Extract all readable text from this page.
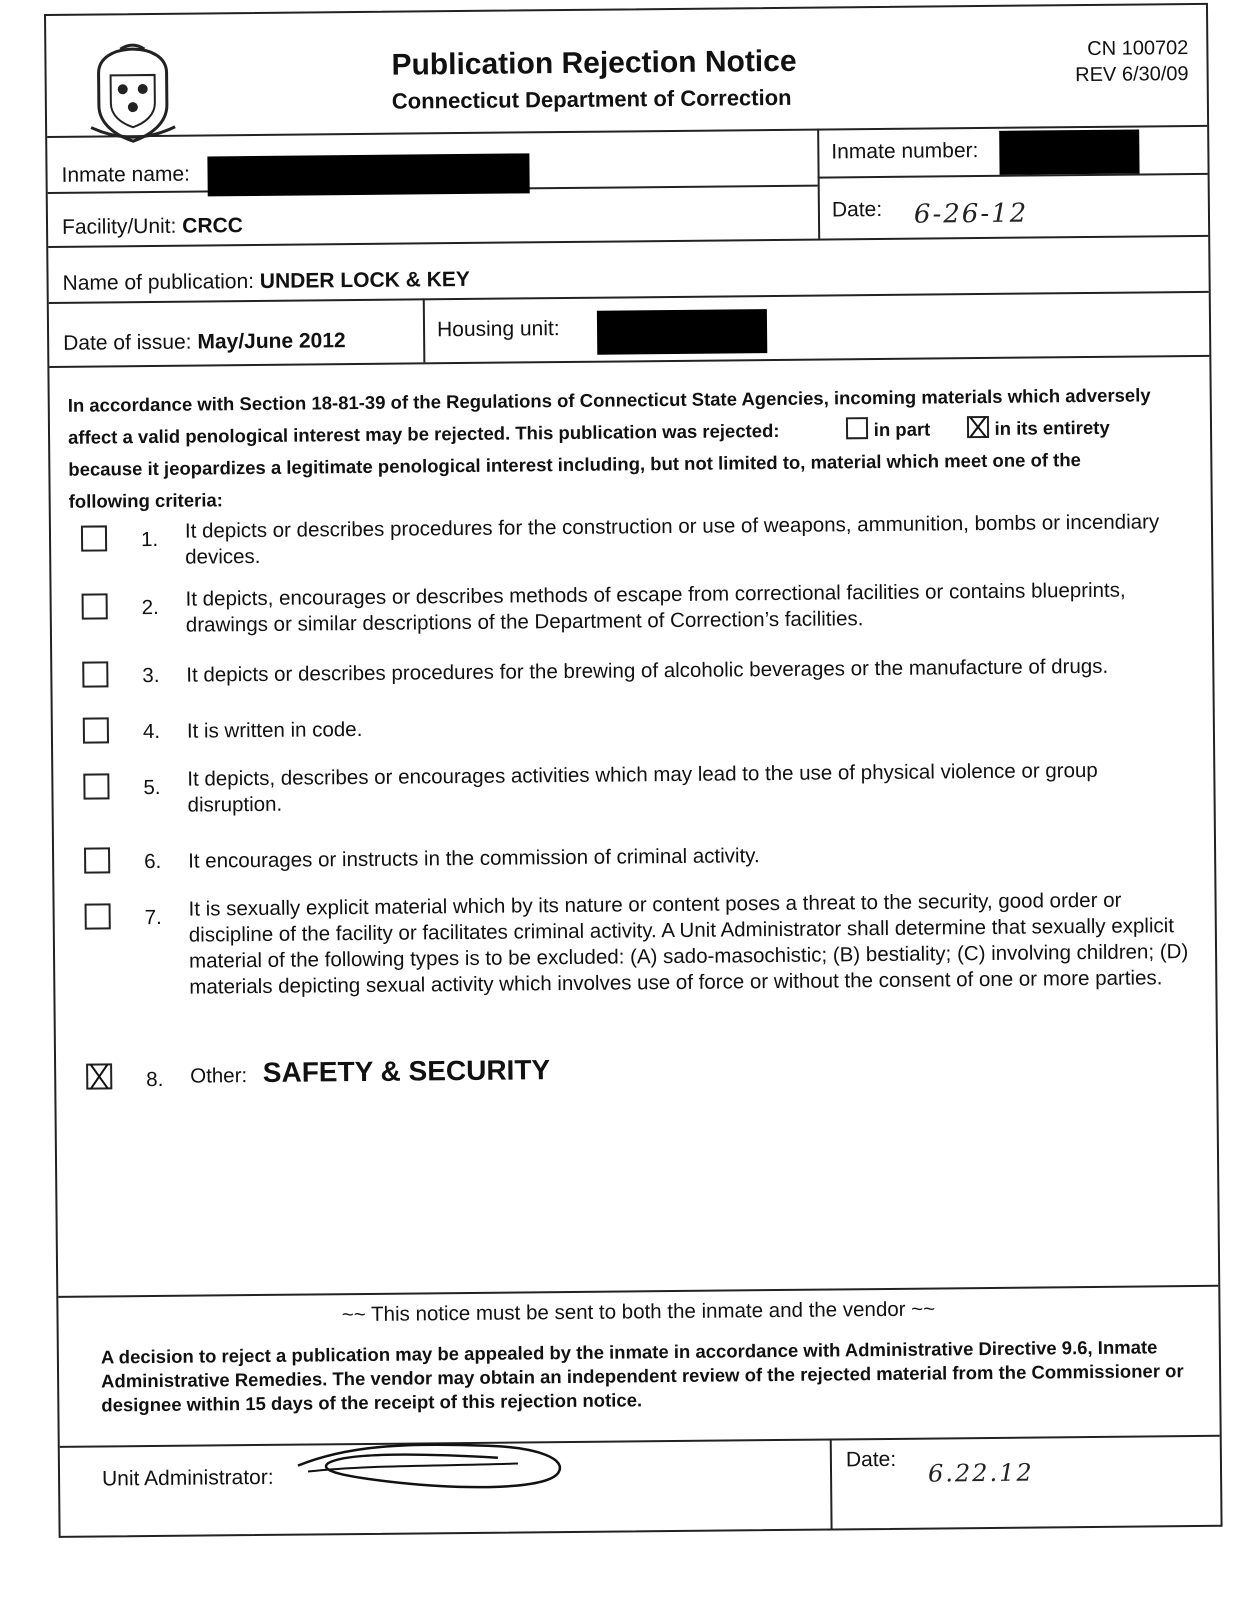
Publication Rejection Notice
Connecticut Department of Correction
CN 100702
REV 6/30/09
Inmate name:
Inmate number:
Facility/Unit: CRCC
Date: 6-26-12
Name of publication: UNDER LOCK & KEY
Date of issue: May/June 2012	Housing unit:
In accordance with Section 18-81-39 of the Regulations of Connecticut State Agencies, incoming materials which adversely
affect a valid penological interest may be rejected. This publication was rejected:	in part	in its entirety
because it jeopardizes a legitimate penological interest including, but not limited to, material which meet one of the
following criteria:
1. It depicts or describes procedures for the construction or use of weapons, ammunition, bombs or incendiary devices.
2. It depicts, encourages or describes methods of escape from correctional facilities or contains blueprints, drawings or similar descriptions of the Department of Correction’s facilities.
3. It depicts or describes procedures for the brewing of alcoholic beverages or the manufacture of drugs.
4. It is written in code.
5. It depicts, describes or encourages activities which may lead to the use of physical violence or group disruption.
6. It encourages or instructs in the commission of criminal activity.
7. It is sexually explicit material which by its nature or content poses a threat to the security, good order or discipline of the facility or facilitates criminal activity. A Unit Administrator shall determine that sexually explicit material of the following types is to be excluded: (A) sado-masochistic; (B) bestiality; (C) involving children; (D) materials depicting sexual activity which involves use of force or without the consent of one or more parties.
8. Other: SAFETY & SECURITY
~~ This notice must be sent to both the inmate and the vendor ~~
A decision to reject a publication may be appealed by the inmate in accordance with Administrative Directive 9.6, Inmate Administrative Remedies. The vendor may obtain an independent review of the rejected material from the Commissioner or designee within 15 days of the receipt of this rejection notice.
Unit Administrator:
Date: 6.22.12
